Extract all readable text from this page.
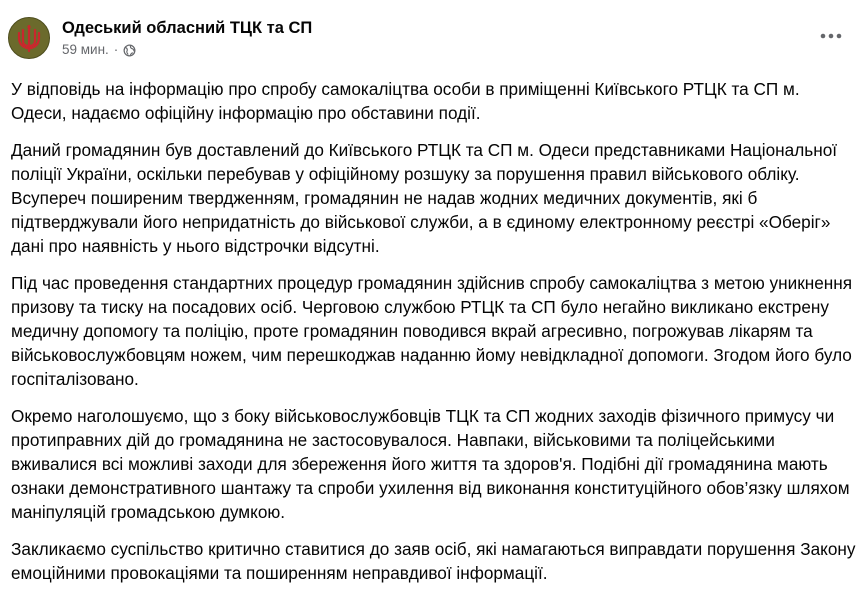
Одеський обласний ТЦК та СП
59 мин. ·

У відповідь на інформацію про спробу самокаліцтва особи в приміщенні Київського РТЦК та СП м. Одеси, надаємо офіційну інформацію про обставини події.

Даний громадянин був доставлений до Київського РТЦК та СП м. Одеси представниками Національної поліції України, оскільки перебував у офіційному розшуку за порушення правил військового обліку. Всупереч поширеним твердженням, громадянин не надав жодних медичних документів, які б підтверджували його непридатність до військової служби, а в єдиному електронному реєстрі «Оберіг» дані про наявність у нього відстрочки відсутні.

Під час проведення стандартних процедур громадянин здійснив спробу самокаліцтва з метою уникнення призову та тиску на посадових осіб. Черговою службою РТЦК та СП було негайно викликано екстрену медичну допомогу та поліцію, проте громадянин поводився вкрай агресивно, погрожував лікарям та військовослужбовцям ножем, чим перешкоджав наданню йому невідкладної допомоги. Згодом його було госпіталізовано.

Окремо наголошуємо, що з боку військовослужбовців ТЦК та СП жодних заходів фізичного примусу чи протиправних дій до громадянина не застосовувалося. Навпаки, військовими та поліцейськими вживалися всі можливі заходи для збереження його життя та здоров'я. Подібні дії громадянина мають ознаки демонстративного шантажу та спроби ухилення від виконання конституційного обов’язку шляхом маніпуляцій громадською думкою.

Закликаємо суспільство критично ставитися до заяв осіб, які намагаються виправдати порушення Закону емоційними провокаціями та поширенням неправдивої інформації.
